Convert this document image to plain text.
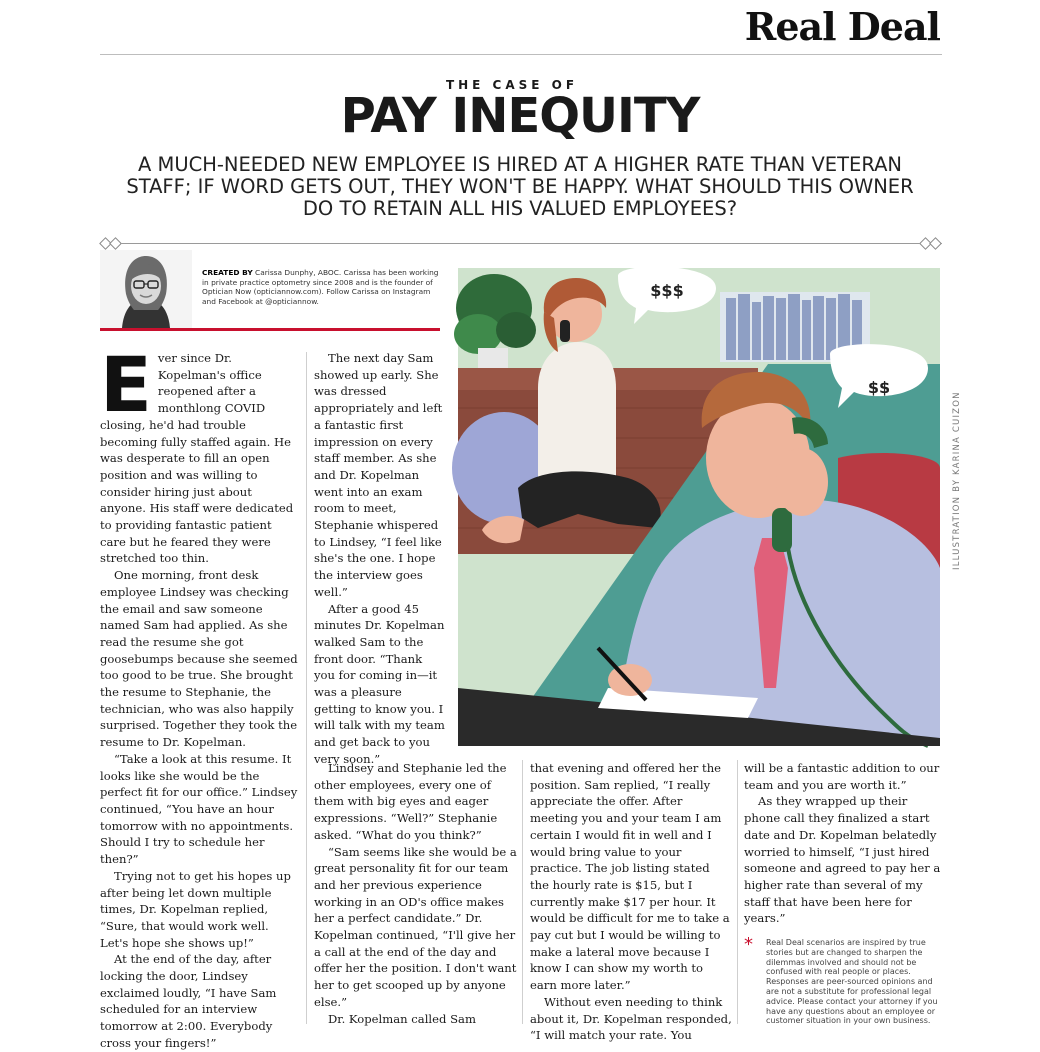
Real Deal
THE CASE OF
PAY INEQUITY
A MUCH-NEEDED NEW EMPLOYEE IS HIRED AT A HIGHER RATE THAN VETERAN STAFF; IF WORD GETS OUT, THEY WON'T BE HAPPY. WHAT SHOULD THIS OWNER DO TO RETAIN ALL HIS VALUED EMPLOYEES?
CREATED BY Carissa Dunphy, ABOC. Carissa has been working in private practice optometry since 2008 and is the founder of Optician Now (opticiannow.com). Follow Carissa on Instagram and Facebook at @opticiannow.
E ver since Dr. Kopelman's office reopened after a monthlong COVID closing, he'd had trouble becoming fully staffed again. He was desperate to fill an open position and was willing to consider hiring just about anyone. His staff were dedicated to providing fantastic patient care but he feared they were stretched too thin.

One morning, front desk employee Lindsey was checking the email and saw someone named Sam had applied. As she read the resume she got goosebumps because she seemed too good to be true. She brought the resume to Stephanie, the technician, who was also happily surprised. Together they took the resume to Dr. Kopelman.

“Take a look at this resume. It looks like she would be the perfect fit for our office.” Lindsey continued, “You have an hour tomorrow with no appointments. Should I try to schedule her then?”

Trying not to get his hopes up after being let down multiple times, Dr. Kopelman replied, “Sure, that would work well. Let's hope she shows up!”

At the end of the day, after locking the door, Lindsey exclaimed loudly, “I have Sam scheduled for an interview tomorrow at 2:00. Everybody cross your fingers!”

The next day Sam showed up early. She was dressed appropriately and left a fantastic first impression on every staff member. As she and Dr. Kopelman went into an exam room to meet, Stephanie whispered to Lindsey, “I feel like she's the one. I hope the interview goes well.”

After a good 45 minutes Dr. Kopelman walked Sam to the front door. “Thank you for coming in—it was a pleasure getting to know you. I will talk with my team and get back to you very soon.”

Lindsey and Stephanie led the other employees, every one of them with big eyes and eager expressions. “Well?” Stephanie asked. “What do you think?”

“Sam seems like she would be a great personality fit for our team and her previous experience working in an OD's office makes her a perfect candidate.” Dr. Kopelman continued, “I'll give her a call at the end of the day and offer her the position. I don't want her to get scooped up by anyone else.”

Dr. Kopelman called Sam

that evening and offered her the position. Sam replied, “I really appreciate the offer. After meeting you and your team I am certain I would fit in well and I would bring value to your practice. The job listing stated the hourly rate is $15, but I currently make $17 per hour. It would be difficult for me to take a pay cut but I would be willing to make a lateral move because I know I can show my worth to earn more later.”

Without even needing to think about it, Dr. Kopelman responded, “I will match your rate. You

will be a fantastic addition to our team and you are worth it.”

As they wrapped up their phone call they finalized a start date and Dr. Kopelman belatedly worried to himself, “I just hired someone and agreed to pay her a higher rate than several of my staff that have been here for years.”

* Real Deal scenarios are inspired by true stories but are changed to sharpen the dilemmas involved and should not be confused with real people or places. Responses are peer-sourced opinions and are not a substitute for professional legal advice. Please contact your attorney if you have any questions about an employee or customer situation in your own business.
$$$
$$
ILLUSTRATION BY KARINA CUIZON
